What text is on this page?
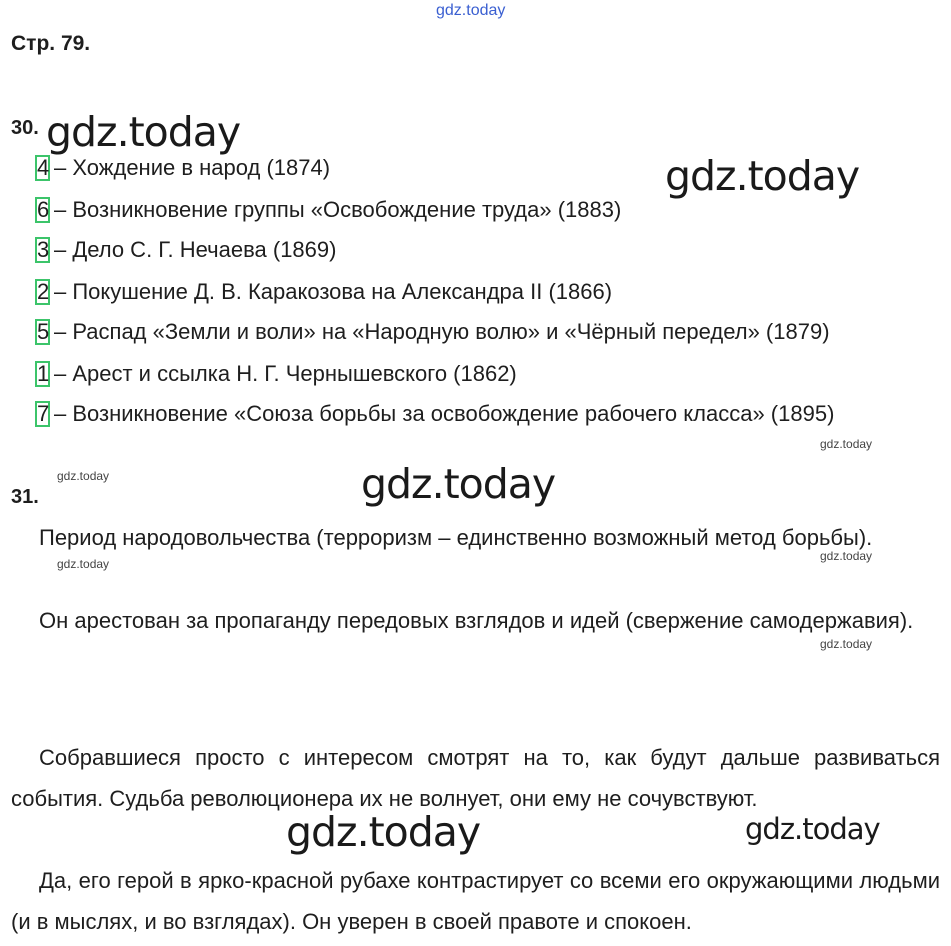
gdz.today
gdz.today
gdz.today
gdz.today
gdz.today	gdz.today
gdz.today
gdz.today
gdz.today
gdz.today	gdz.today
Стр. 79.
30.
4 – Хождение в народ (1874)
6 – Возникновение группы «Освобождение труда» (1883)
3 – Дело С. Г. Нечаева (1869)
2 – Покушение Д. В. Каракозова на Александра II (1866)
5 – Распад «Земли и воли» на «Народную волю» и «Чёрный передел» (1879)
1 – Арест и ссылка Н. Г. Чернышевского (1862)
7 – Возникновение «Союза борьбы за освобождение рабочего класса» (1895)
31.
Период народовольчества (терроризм – единственно возможный метод борьбы).
Он арестован за пропаганду передовых взглядов и идей (свержение самодержавия).
Собравшиеся просто с интересом смотрят на то, как будут дальше развиваться события. Судьба революционера их не волнует, они ему не сочувствуют.
Да, его герой в ярко-красной рубахе контрастирует со всеми его окружающими людьми (и в мыслях, и во взглядах). Он уверен в своей правоте и спокоен.
